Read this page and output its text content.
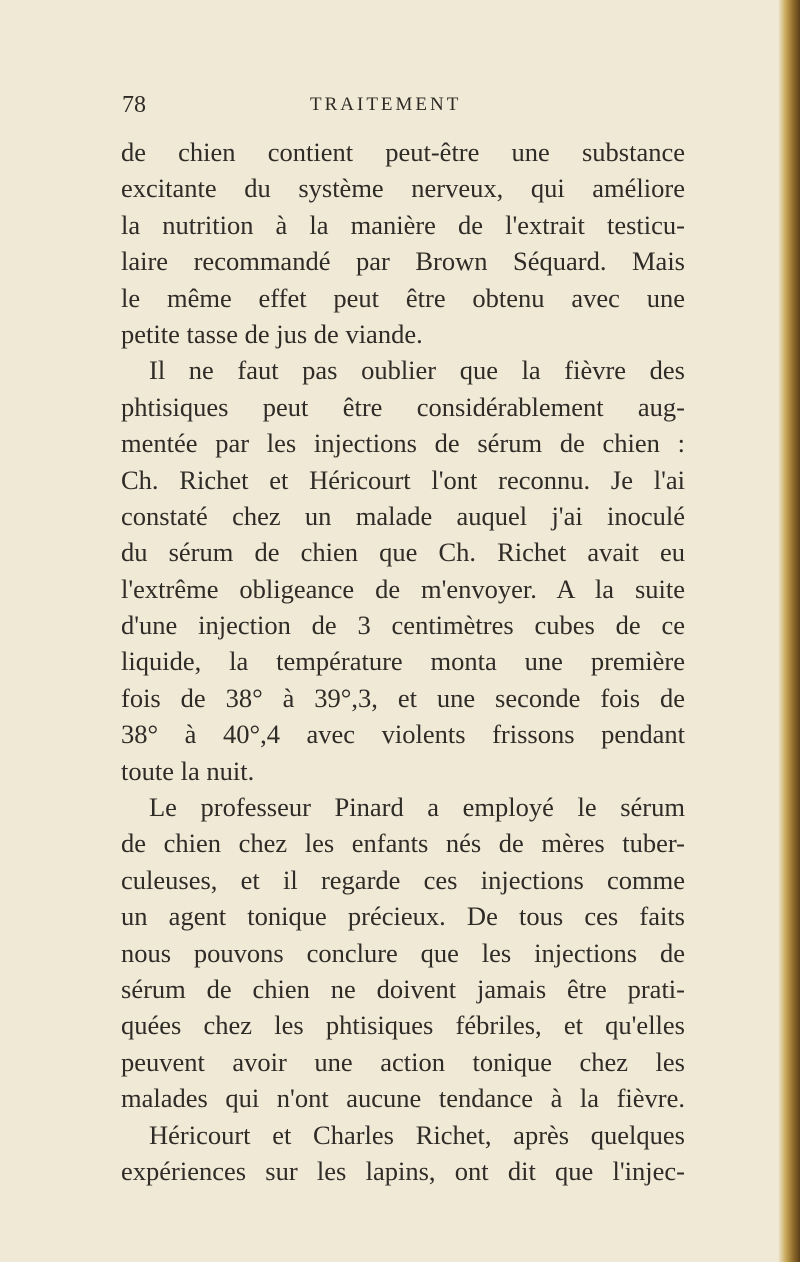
78	TRAITEMENT
de chien contient peut-être une substance
excitante du système nerveux, qui améliore
la nutrition à la manière de l'extrait testicu-
laire recommandé par Brown Séquard. Mais
le même effet peut être obtenu avec une
petite tasse de jus de viande.
Il ne faut pas oublier que la fièvre des
phtisiques peut être considérablement aug-
mentée par les injections de sérum de chien :
Ch. Richet et Héricourt l'ont reconnu. Je l'ai
constaté chez un malade auquel j'ai inoculé
du sérum de chien que Ch. Richet avait eu
l'extrême obligeance de m'envoyer. A la suite
d'une injection de 3 centimètres cubes de ce
liquide, la température monta une première
fois de 38° à 39°,3, et une seconde fois de
38° à 40°,4 avec violents frissons pendant
toute la nuit.
Le professeur Pinard a employé le sérum
de chien chez les enfants nés de mères tuber-
culeuses, et il regarde ces injections comme
un agent tonique précieux. De tous ces faits
nous pouvons conclure que les injections de
sérum de chien ne doivent jamais être prati-
quées chez les phtisiques fébriles, et qu'elles
peuvent avoir une action tonique chez les
malades qui n'ont aucune tendance à la fièvre.
Héricourt et Charles Richet, après quelques
expériences sur les lapins, ont dit que l'injec-
